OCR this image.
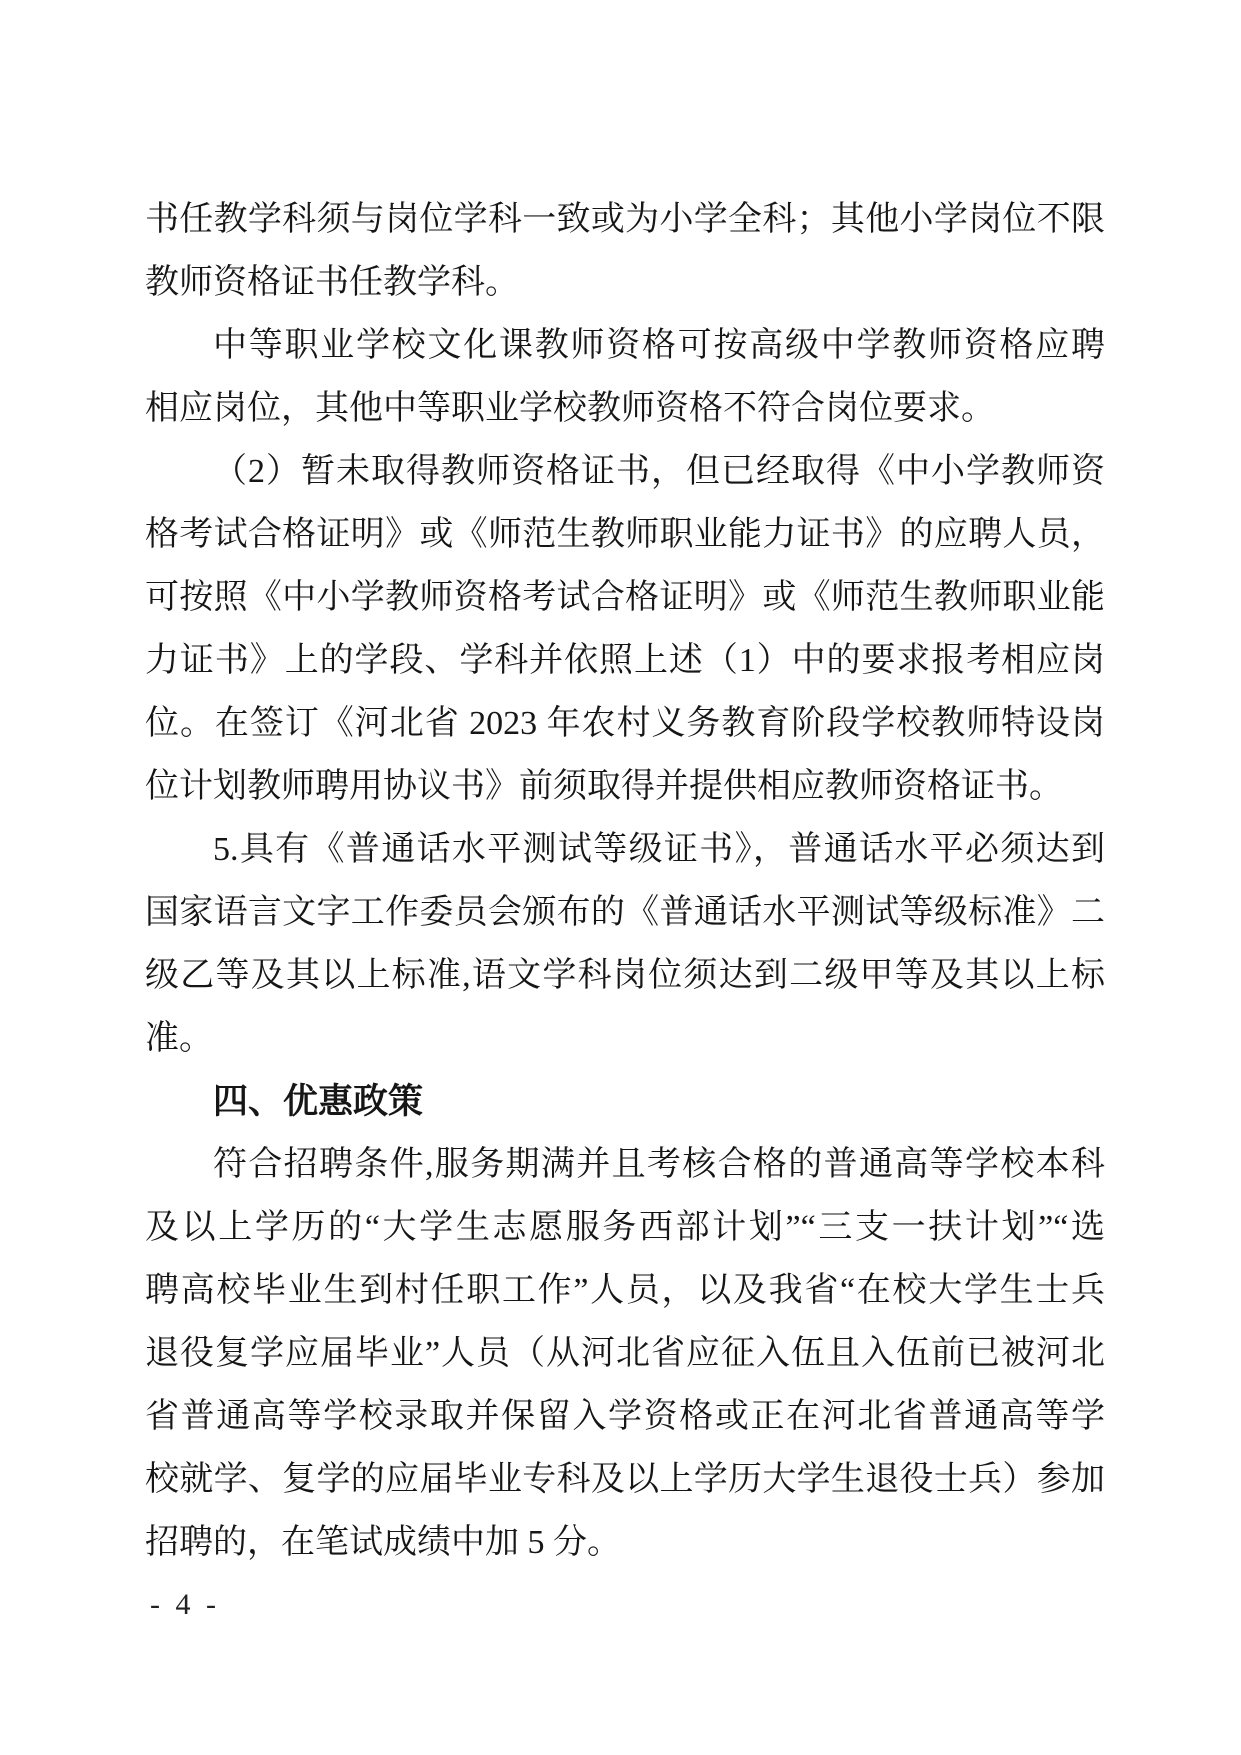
书任教学科须与岗位学科一致或为小学全科；其他小学岗位不限
教师资格证书任教学科。
中等职业学校文化课教师资格可按高级中学教师资格应聘
相应岗位，其他中等职业学校教师资格不符合岗位要求。
（2）暂未取得教师资格证书，但已经取得《中小学教师资
格考试合格证明》或《师范生教师职业能力证书》的应聘人员，
可按照《中小学教师资格考试合格证明》或《师范生教师职业能
力证书》上的学段、学科并依照上述（1）中的要求报考相应岗
位。在签订《河北省 2023 年农村义务教育阶段学校教师特设岗
位计划教师聘用协议书》前须取得并提供相应教师资格证书。
5.具有《普通话水平测试等级证书》，普通话水平必须达到
国家语言文字工作委员会颁布的《普通话水平测试等级标准》二
级乙等及其以上标准,语文学科岗位须达到二级甲等及其以上标
准。
四、优惠政策
符合招聘条件,服务期满并且考核合格的普通高等学校本科
及以上学历的“大学生志愿服务西部计划”“三支一扶计划”“选
聘高校毕业生到村任职工作”人员，以及我省“在校大学生士兵
退役复学应届毕业”人员（从河北省应征入伍且入伍前已被河北
省普通高等学校录取并保留入学资格或正在河北省普通高等学
校就学、复学的应届毕业专科及以上学历大学生退役士兵）参加
招聘的，在笔试成绩中加 5 分。
- 4 -
